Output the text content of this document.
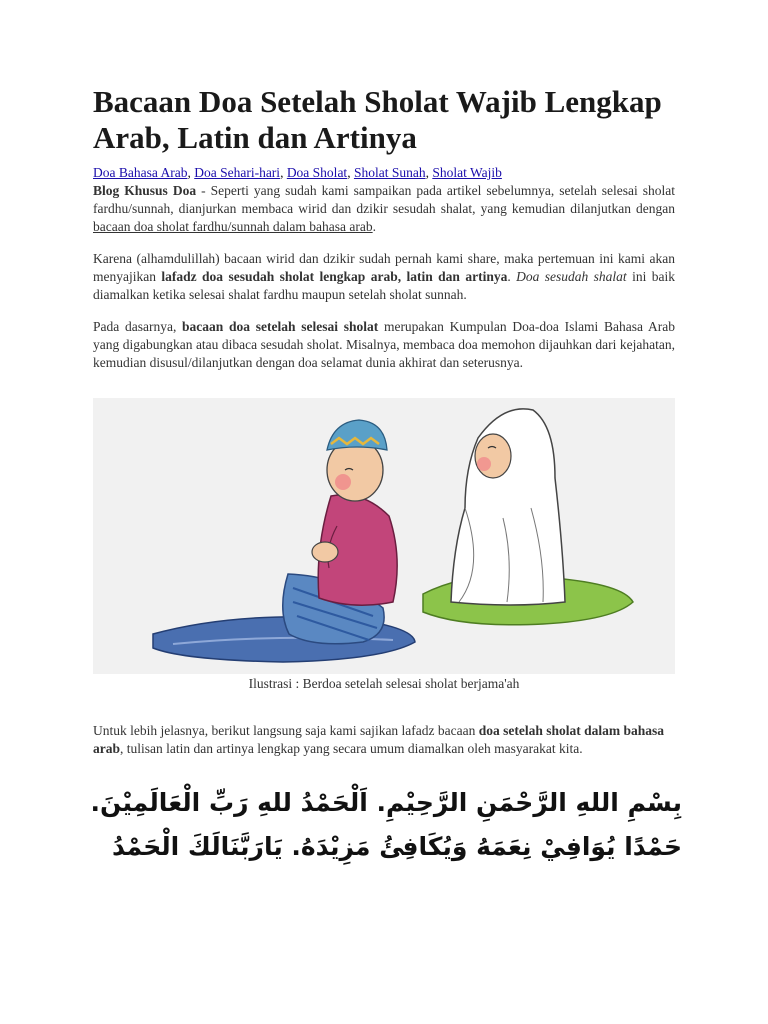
Bacaan Doa Setelah Sholat Wajib Lengkap Arab, Latin dan Artinya
Doa Bahasa Arab, Doa Sehari-hari, Doa Sholat, Sholat Sunah, Sholat Wajib

Blog Khusus Doa - Seperti yang sudah kami sampaikan pada artikel sebelumnya, setelah selesai sholat fardhu/sunnah, dianjurkan membaca wirid dan dzikir sesudah shalat, yang kemudian dilanjutkan dengan bacaan doa sholat fardhu/sunnah dalam bahasa arab.

Karena (alhamdulillah) bacaan wirid dan dzikir sudah pernah kami share, maka pertemuan ini kami akan menyajikan lafadz doa sesudah sholat lengkap arab, latin dan artinya. Doa sesudah shalat ini baik diamalkan ketika selesai shalat fardhu maupun setelah sholat sunnah.

Pada dasarnya, bacaan doa setelah selesai sholat merupakan Kumpulan Doa-doa Islami Bahasa Arab yang digabungkan atau dibaca sesudah sholat. Misalnya, membaca doa memohon dijauhkan dari kejahatan, kemudian disusul/dilanjutkan dengan doa selamat dunia akhirat dan seterusnya.

Ilustrasi : Berdoa setelah selesai sholat berjama'ah

Untuk lebih jelasnya, berikut langsung saja kami sajikan lafadz bacaan doa setelah sholat dalam bahasa arab, tulisan latin dan artinya lengkap yang secara umum diamalkan oleh masyarakat kita.

بِسْمِ اللهِ الرَّحْمَنِ الرَّحِيْمِ. اَلْحَمْدُ للهِ رَبِّ الْعَالَمِيْنَ.
حَمْدًا يُوَافِيْ نِعَمَهُ وَيُكَافِئُ مَزِيْدَهُ. يَارَبَّنَالَكَ الْحَمْدُ
